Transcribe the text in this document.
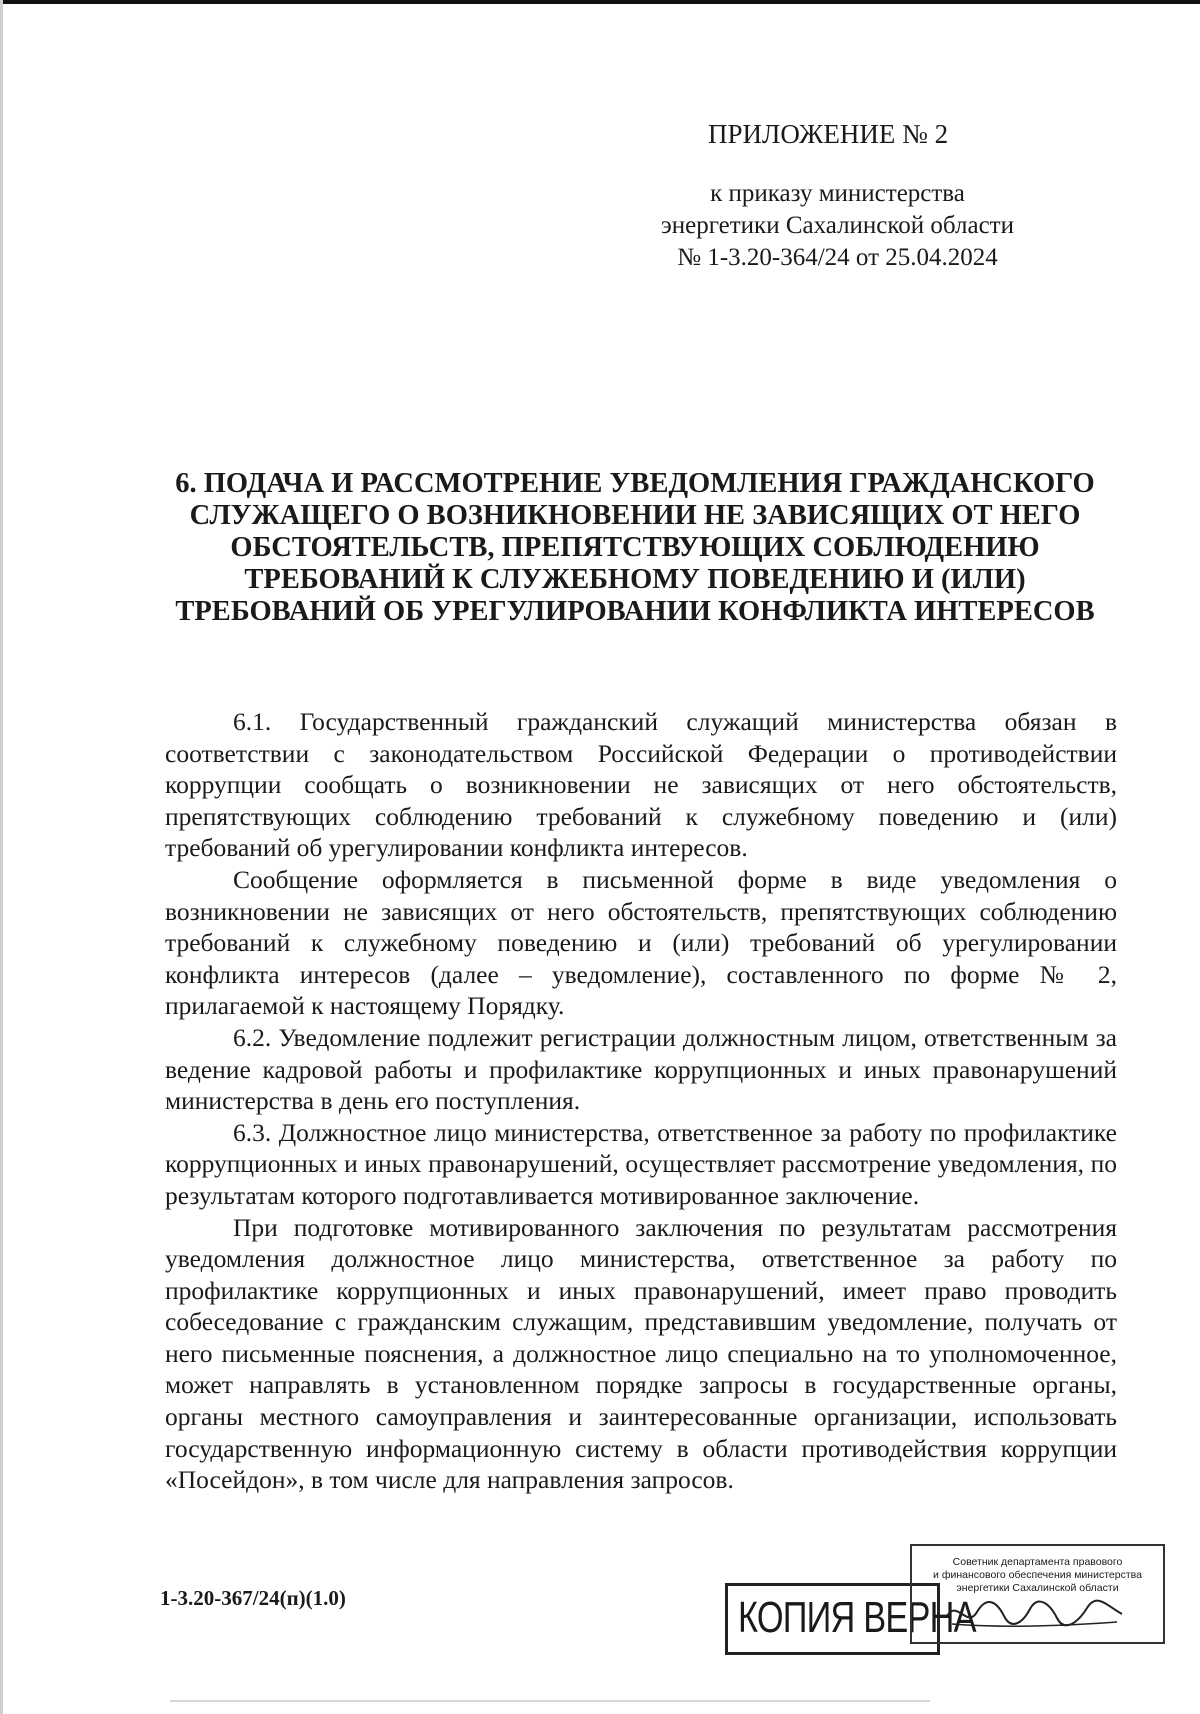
ПРИЛОЖЕНИЕ № 2
к приказу министерства
энергетики Сахалинской области
№ 1-3.20-364/24 от 25.04.2024
6. ПОДАЧА И РАССМОТРЕНИЕ УВЕДОМЛЕНИЯ ГРАЖДАНСКОГО
СЛУЖАЩЕГО О ВОЗНИКНОВЕНИИ НЕ ЗАВИСЯЩИХ ОТ НЕГО
ОБСТОЯТЕЛЬСТВ, ПРЕПЯТСТВУЮЩИХ СОБЛЮДЕНИЮ
ТРЕБОВАНИЙ К СЛУЖЕБНОМУ ПОВЕДЕНИЮ И (ИЛИ)
ТРЕБОВАНИЙ ОБ УРЕГУЛИРОВАНИИ КОНФЛИКТА ИНТЕРЕСОВ

6.1. Государственный гражданский служащий министерства обязан в соответствии с законодательством Российской Федерации о противодействии коррупции сообщать о возникновении не зависящих от него обстоятельств, препятствующих соблюдению требований к служебному поведению и (или) требований об урегулировании конфликта интересов.

Сообщение оформляется в письменной форме в виде уведомления о возникновении не зависящих от него обстоятельств, препятствующих соблюдению требований к служебному поведению и (или) требований об урегулировании конфликта интересов (далее – уведомление), составленного по форме № 2, прилагаемой к настоящему Порядку.

6.2. Уведомление подлежит регистрации должностным лицом, ответственным за ведение кадровой работы и профилактике коррупционных и иных правонарушений министерства в день его поступления.

6.3. Должностное лицо министерства, ответственное за работу по профилактике коррупционных и иных правонарушений, осуществляет рассмотрение уведомления, по результатам которого подготавливается мотивированное заключение.

При подготовке мотивированного заключения по результатам рассмотрения уведомления должностное лицо министерства, ответственное за работу по профилактике коррупционных и иных правонарушений, имеет право проводить собеседование с гражданским служащим, представившим уведомление, получать от него письменные пояснения, а должностное лицо специально на то уполномоченное, может направлять в установленном порядке запросы в государственные органы, органы местного самоуправления и заинтересованные организации, использовать государственную информационную систему в области противодействия коррупции «Посейдон», в том числе для направления запросов.

1-3.20-367/24(п)(1.0)	КОПИЯ ВЕРНА
Советник департамента правового
и финансового обеспечения министерства
энергетики Сахалинской области
